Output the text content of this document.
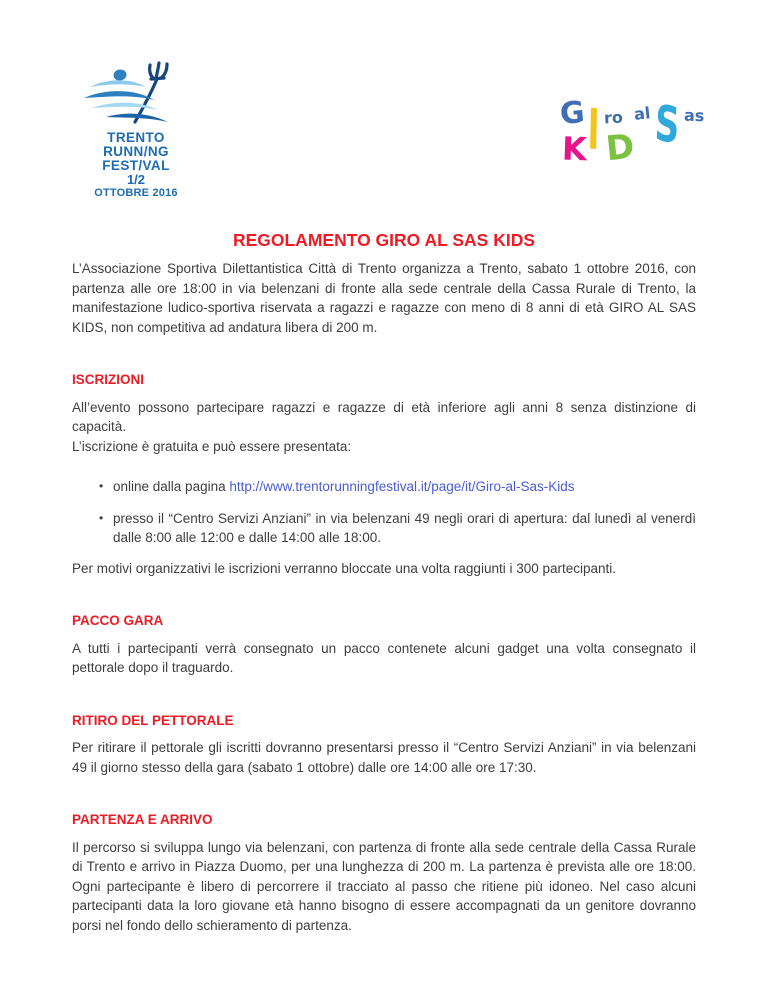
TRENTO
RUNN/NG
FEST/VAL
1/2
OTTOBRE 2016
G I ro al S as
K D
REGOLAMENTO GIRO AL SAS KIDS

L’Associazione Sportiva Dilettantistica Città di Trento organizza a Trento, sabato 1 ottobre 2016, con partenza alle ore 18:00 in via belenzani di fronte alla sede centrale della Cassa Rurale di Trento, la manifestazione ludico-sportiva riservata a ragazzi e ragazze con meno di 8 anni di età GIRO AL SAS KIDS, non competitiva ad andatura libera di 200 m.

ISCRIZIONI

All’evento possono partecipare ragazzi e ragazze di età inferiore agli anni 8 senza distinzione di capacità.
L’iscrizione è gratuita e può essere presentata:

• online dalla pagina http://www.trentorunningfestival.it/page/it/Giro-al-Sas-Kids
• presso il “Centro Servizi Anziani” in via belenzani 49 negli orari di apertura: dal lunedì al venerdì dalle 8:00 alle 12:00 e dalle 14:00 alle 18:00.

Per motivi organizzativi le iscrizioni verranno bloccate una volta raggiunti i 300 partecipanti.

PACCO GARA

A tutti i partecipanti verrà consegnato un pacco contenete alcuni gadget una volta consegnato il pettorale dopo il traguardo.

RITIRO DEL PETTORALE

Per ritirare il pettorale gli iscritti dovranno presentarsi presso il “Centro Servizi Anziani” in via belenzani 49 il giorno stesso della gara (sabato 1 ottobre) dalle ore 14:00 alle ore 17:30.

PARTENZA E ARRIVO

Il percorso si sviluppa lungo via belenzani, con partenza di fronte alla sede centrale della Cassa Rurale di Trento e arrivo in Piazza Duomo, per una lunghezza di 200 m. La partenza è prevista alle ore 18:00. Ogni partecipante è libero di percorrere il tracciato al passo che ritiene più idoneo. Nel caso alcuni partecipanti data la loro giovane età hanno bisogno di essere accompagnati da un genitore dovranno porsi nel fondo dello schieramento di partenza.
